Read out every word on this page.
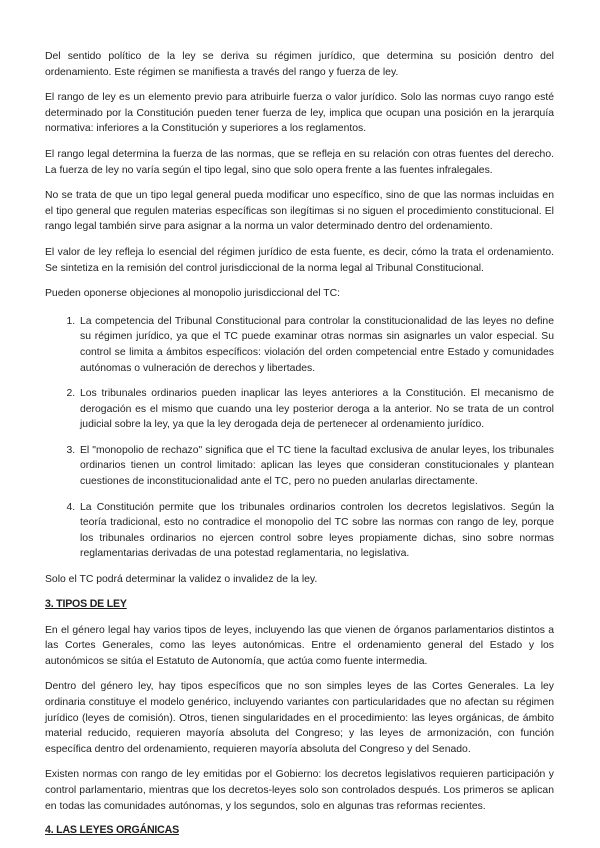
Del sentido político de la ley se deriva su régimen jurídico, que determina su posición dentro del ordenamiento. Este régimen se manifiesta a través del rango y fuerza de ley.

El rango de ley es un elemento previo para atribuirle fuerza o valor jurídico. Solo las normas cuyo rango esté determinado por la Constitución pueden tener fuerza de ley, implica que ocupan una posición en la jerarquía normativa: inferiores a la Constitución y superiores a los reglamentos.

El rango legal determina la fuerza de las normas, que se refleja en su relación con otras fuentes del derecho. La fuerza de ley no varía según el tipo legal, sino que solo opera frente a las fuentes infralegales.

No se trata de que un tipo legal general pueda modificar uno específico, sino de que las normas incluidas en el tipo general que regulen materias específicas son ilegítimas si no siguen el procedimiento constitucional. El rango legal también sirve para asignar a la norma un valor determinado dentro del ordenamiento.

El valor de ley refleja lo esencial del régimen jurídico de esta fuente, es decir, cómo la trata el ordenamiento. Se sintetiza en la remisión del control jurisdiccional de la norma legal al Tribunal Constitucional.

Pueden oponerse objeciones al monopolio jurisdiccional del TC:

1. La competencia del Tribunal Constitucional para controlar la constitucionalidad de las leyes no define su régimen jurídico, ya que el TC puede examinar otras normas sin asignarles un valor especial. Su control se limita a ámbitos específicos: violación del orden competencial entre Estado y comunidades autónomas o vulneración de derechos y libertades.
2. Los tribunales ordinarios pueden inaplicar las leyes anteriores a la Constitución. El mecanismo de derogación es el mismo que cuando una ley posterior deroga a la anterior. No se trata de un control judicial sobre la ley, ya que la ley derogada deja de pertenecer al ordenamiento jurídico.
3. El "monopolio de rechazo" significa que el TC tiene la facultad exclusiva de anular leyes, los tribunales ordinarios tienen un control limitado: aplican las leyes que consideran constitucionales y plantean cuestiones de inconstitucionalidad ante el TC, pero no pueden anularlas directamente.
4. La Constitución permite que los tribunales ordinarios controlen los decretos legislativos. Según la teoría tradicional, esto no contradice el monopolio del TC sobre las normas con rango de ley, porque los tribunales ordinarios no ejercen control sobre leyes propiamente dichas, sino sobre normas reglamentarias derivadas de una potestad reglamentaria, no legislativa.

Solo el TC podrá determinar la validez o invalidez de la ley.

3. TIPOS DE LEY

En el género legal hay varios tipos de leyes, incluyendo las que vienen de órganos parlamentarios distintos a las Cortes Generales, como las leyes autonómicas. Entre el ordenamiento general del Estado y los autonómicos se sitúa el Estatuto de Autonomía, que actúa como fuente intermedia.

Dentro del género ley, hay tipos específicos que no son simples leyes de las Cortes Generales. La ley ordinaria constituye el modelo genérico, incluyendo variantes con particularidades que no afectan su régimen jurídico (leyes de comisión). Otros, tienen singularidades en el procedimiento: las leyes orgánicas, de ámbito material reducido, requieren mayoría absoluta del Congreso; y las leyes de armonización, con función específica dentro del ordenamiento, requieren mayoría absoluta del Congreso y del Senado.

Existen normas con rango de ley emitidas por el Gobierno: los decretos legislativos requieren participación y control parlamentario, mientras que los decretos-leyes solo son controlados después. Los primeros se aplican en todas las comunidades autónomas, y los segundos, solo en algunas tras reformas recientes.

4. LAS LEYES ORGÁNICAS
